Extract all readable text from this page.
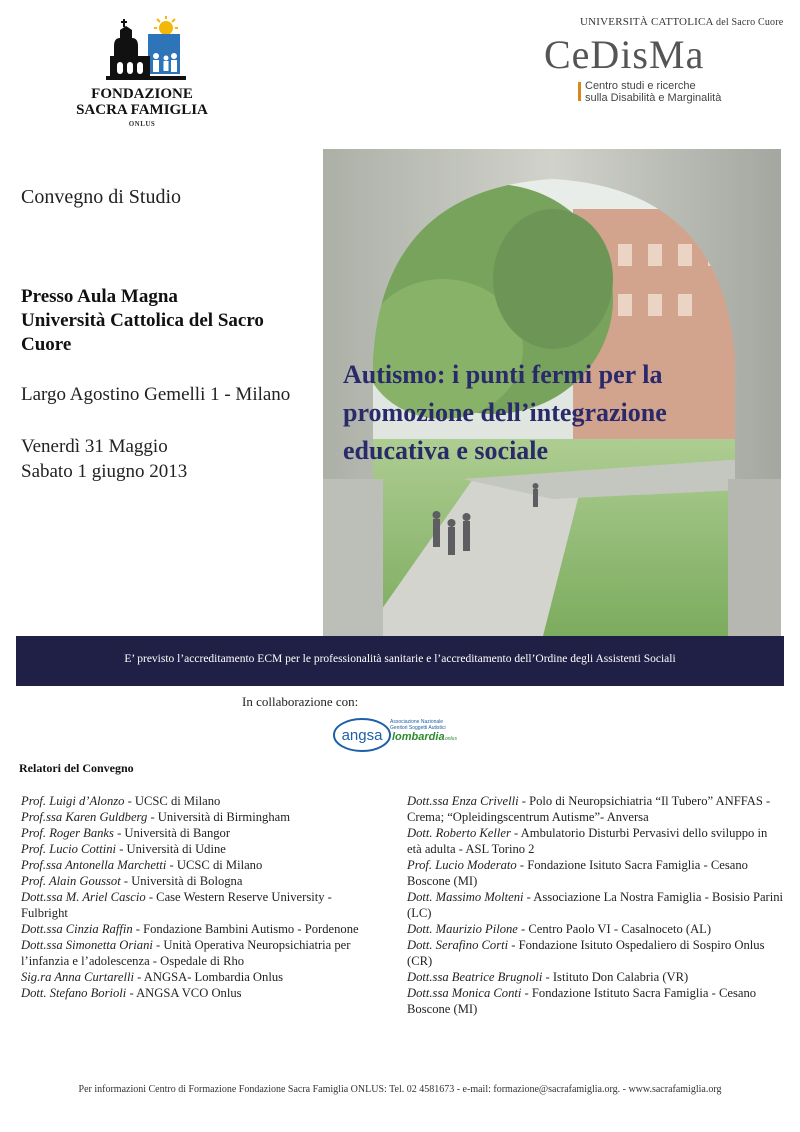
FONDAZIONE
SACRA FAMIGLIA
ONLUS
UNIVERSITÀ CATTOLICA del Sacro Cuore
CeDisMa
Centro studi e ricerche
sulla Disabilità e Marginalità
Convegno di Studio
Presso Aula Magna
Università Cattolica del Sacro
Cuore
Largo Agostino Gemelli 1 - Milano
Venerdì 31 Maggio
Sabato 1 giugno 2013
Autismo: i punti fermi per la
promozione dell’integrazione
educativa e sociale
E’ previsto l’accreditamento ECM per le professionalità sanitarie e l’accreditamento dell’Ordine degli Assistenti Sociali
In collaborazione con:
angsa
Associazione Nazionale
Genitori Soggetti Autistici
lombardia onlus
Relatori del Convegno

Prof. Luigi d’Alonzo - UCSC di Milano

Prof.ssa Karen Guldberg - Università di Birmingham

Prof. Roger Banks - Università di Bangor

Prof. Lucio Cottini - Università di Udine

Prof.ssa Antonella Marchetti - UCSC di Milano

Prof. Alain Goussot - Università di Bologna

Dott.ssa M. Ariel Cascio - Case Western Reserve University - Fulbright

Dott.ssa Cinzia Raffin - Fondazione Bambini Autismo - Pordenone

Dott.ssa Simonetta Oriani - Unità Operativa Neuropsichiatria per l’infanzia e l’adolescenza - Ospedale di Rho

Sig.ra Anna Curtarelli - ANGSA- Lombardia Onlus

Dott. Stefano Borioli - ANGSA VCO Onlus

Dott.ssa Enza Crivelli - Polo di Neuropsichiatria “Il Tubero” ANFFAS - Crema; “Opleidingscentrum Autisme”- Anversa

Dott. Roberto Keller - Ambulatorio Disturbi Pervasivi dello sviluppo in età adulta - ASL Torino 2

Prof. Lucio Moderato - Fondazione Isituto Sacra Famiglia - Cesano Boscone (MI)

Dott. Massimo Molteni - Associazione La Nostra Famiglia - Bosisio Parini (LC)

Dott. Maurizio Pilone - Centro Paolo VI - Casalnoceto (AL)

Dott. Serafino Corti - Fondazione Isituto Ospedaliero di Sospiro Onlus (CR)

Dott.ssa Beatrice Brugnoli - Istituto Don Calabria (VR)

Dott.ssa Monica Conti - Fondazione Istituto Sacra Famiglia - Cesano Boscone (MI)

Per informazioni Centro di Formazione Fondazione Sacra Famiglia ONLUS: Tel. 02 4581673 - e-mail: formazione@sacrafamiglia.org. - www.sacrafamiglia.org
